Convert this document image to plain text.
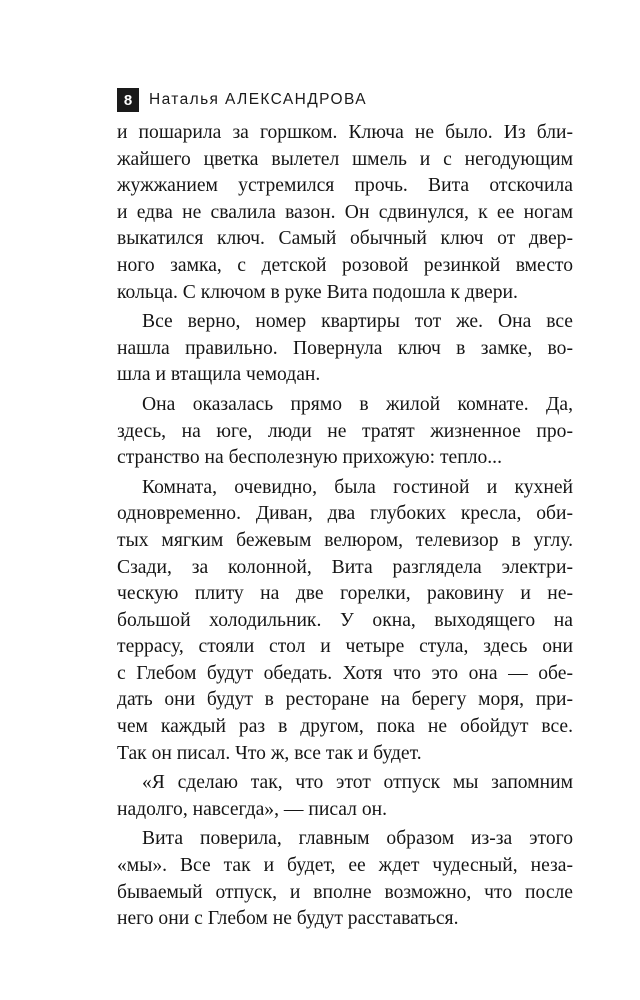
8	Наталья АЛЕКСАНДРОВА
и пошарила за горшком. Ключа не было. Из бли-
жайшего цветка вылетел шмель и с негодующим
жужжанием устремился прочь. Вита отскочила
и едва не свалила вазон. Он сдвинулся, к ее ногам
выкатился ключ. Самый обычный ключ от двер-
ного замка, с детской розовой резинкой вместо
кольца. С ключом в руке Вита подошла к двери.
Все верно, номер квартиры тот же. Она все
нашла правильно. Повернула ключ в замке, во-
шла и втащила чемодан.
Она оказалась прямо в жилой комнате. Да,
здесь, на юге, люди не тратят жизненное про-
странство на бесполезную прихожую: тепло...
Комната, очевидно, была гостиной и кухней
одновременно. Диван, два глубоких кресла, оби-
тых мягким бежевым велюром, телевизор в углу.
Сзади, за колонной, Вита разглядела электри-
ческую плиту на две горелки, раковину и не-
большой холодильник. У окна, выходящего на
террасу, стояли стол и четыре стула, здесь они
с Глебом будут обедать. Хотя что это она — обе-
дать они будут в ресторане на берегу моря, при-
чем каждый раз в другом, пока не обойдут все.
Так он писал. Что ж, все так и будет.
«Я сделаю так, что этот отпуск мы запомним
надолго, навсегда», — писал он.
Вита поверила, главным образом из-за этого
«мы». Все так и будет, ее ждет чудесный, неза-
бываемый отпуск, и вполне возможно, что после
него они с Глебом не будут расставаться.
